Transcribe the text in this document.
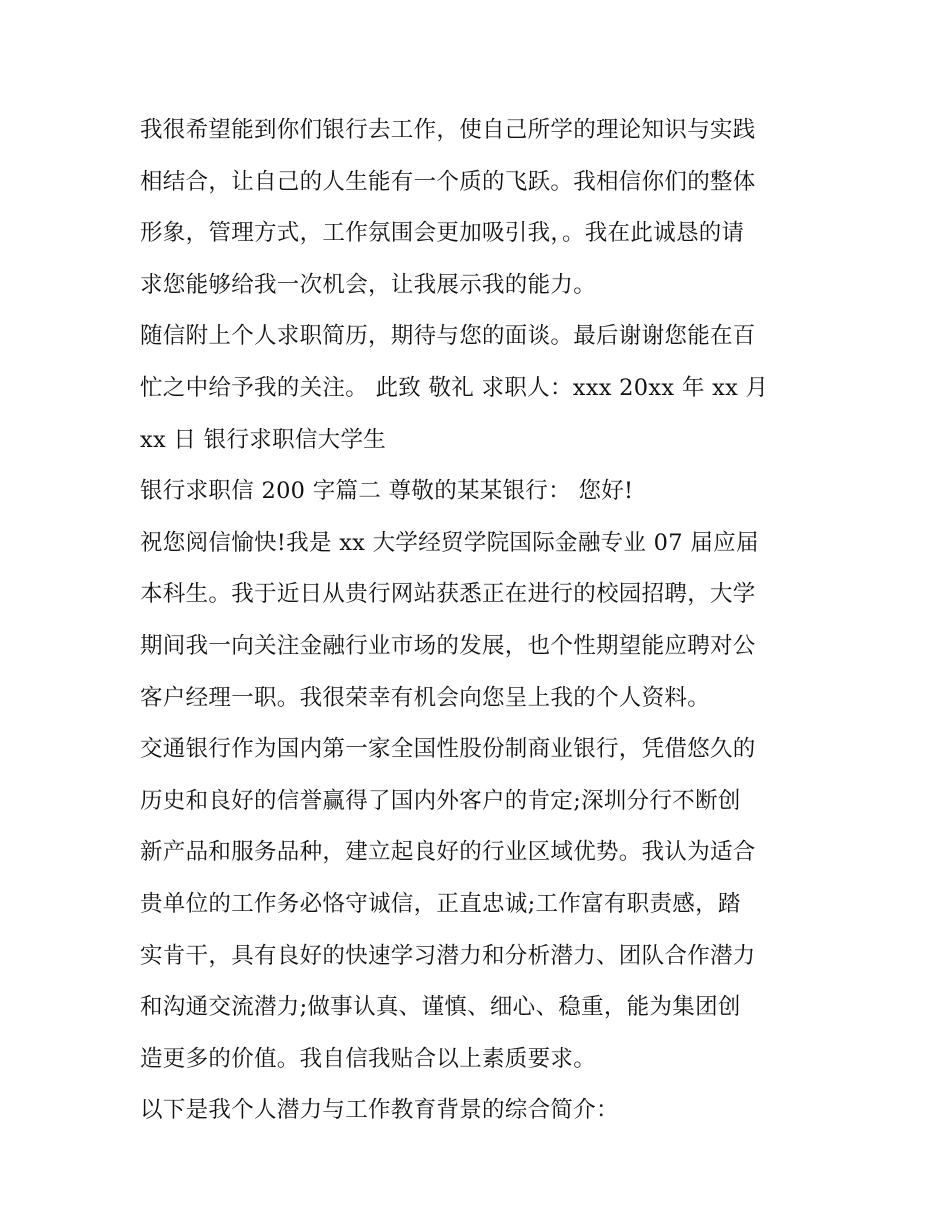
我很希望能到你们银行去工作，使自己所学的理论知识与实践
相结合，让自己的人生能有一个质的飞跃。我相信你们的整体
形象，管理方式，工作氛围会更加吸引我，。我在此诚恳的请
求您能够给我一次机会，让我展示我的能力。
随信附上个人求职简历，期待与您的面谈。最后谢谢您能在百
忙之中给予我的关注。 此致 敬礼 求职人：xxx 20xx 年 xx 月
xx 日 银行求职信大学生
银行求职信 200 字篇二 尊敬的某某银行： 您好!
祝您阅信愉快!我是 xx 大学经贸学院国际金融专业 07 届应届
本科生。我于近日从贵行网站获悉正在进行的校园招聘，大学
期间我一向关注金融行业市场的发展，也个性期望能应聘对公
客户经理一职。我很荣幸有机会向您呈上我的个人资料。
交通银行作为国内第一家全国性股份制商业银行，凭借悠久的
历史和良好的信誉赢得了国内外客户的肯定;深圳分行不断创
新产品和服务品种，建立起良好的行业区域优势。我认为适合
贵单位的工作务必恪守诚信，正直忠诚;工作富有职责感，踏
实肯干，具有良好的快速学习潜力和分析潜力、团队合作潜力
和沟通交流潜力;做事认真、谨慎、细心、稳重，能为集团创
造更多的价值。我自信我贴合以上素质要求。
以下是我个人潜力与工作教育背景的综合简介：
